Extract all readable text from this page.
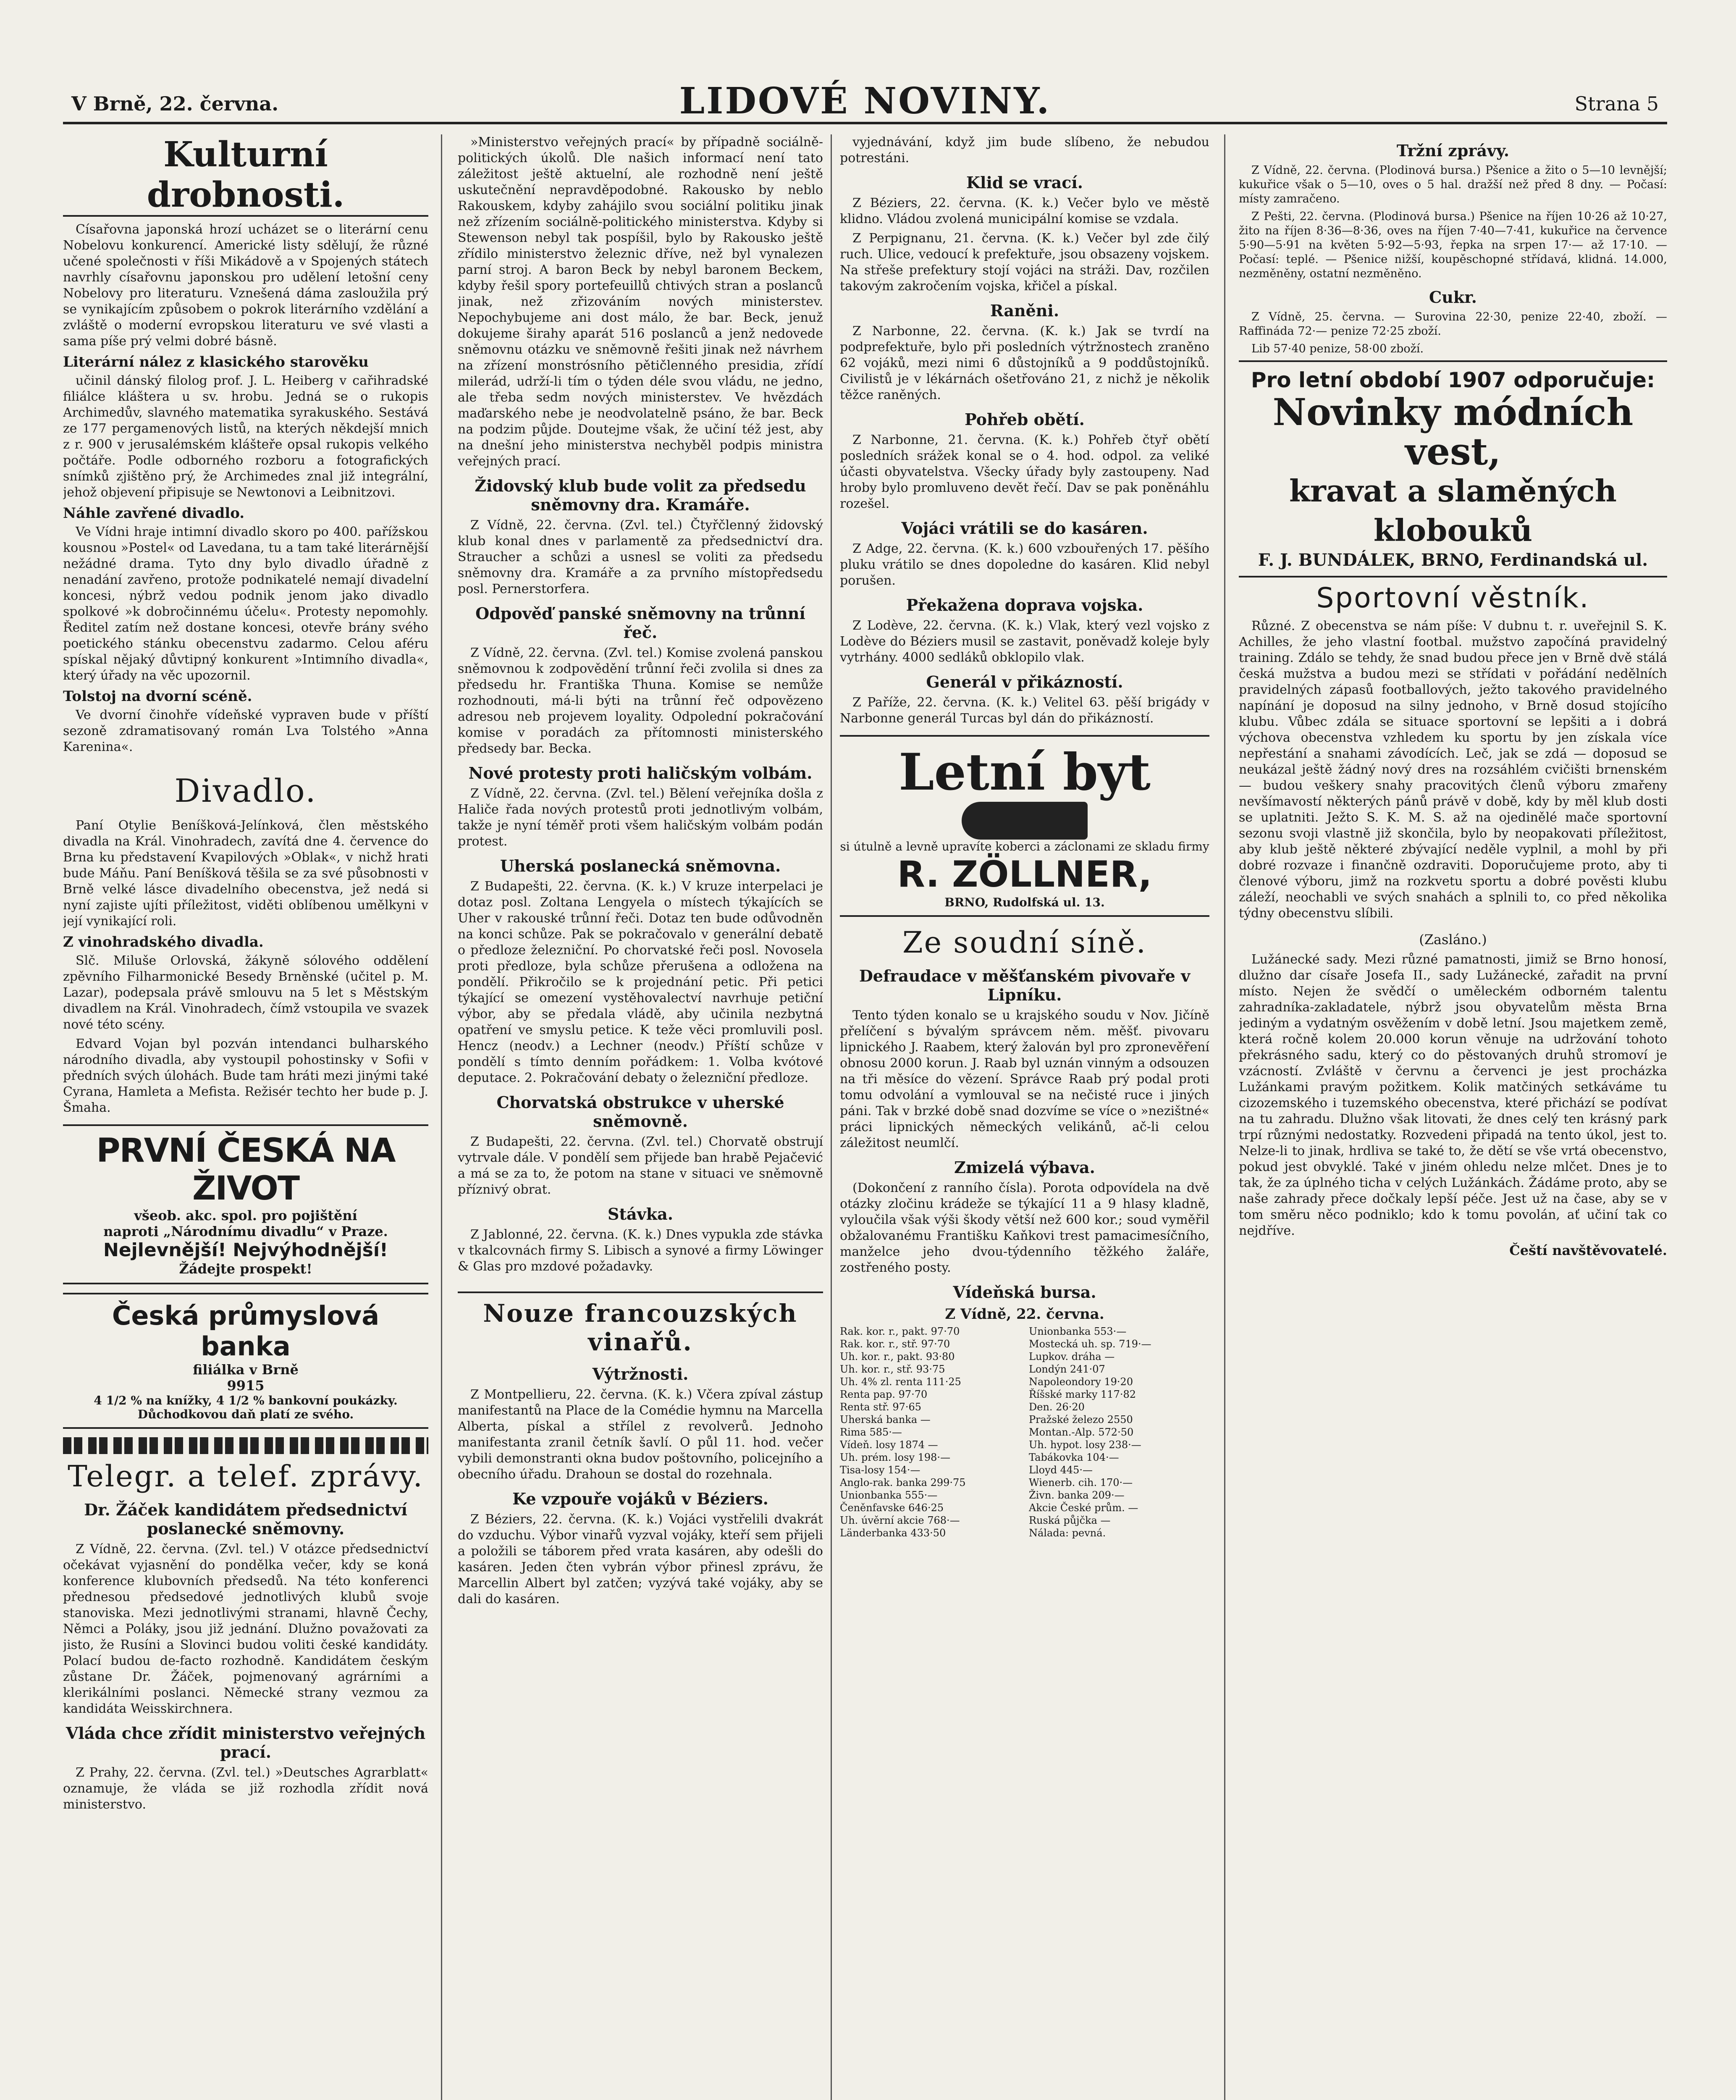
V Brně, 22. června.	LIDOVÉ NOVINY.	Strana 5
Kulturní drobnosti.

Císařovna japonská hrozí ucházet se o literární cenu Nobelovu konkurencí. Americké listy sdělují, že různé učené společnosti v říši Mikádově a v Spojených státech navrhly císařovnu japonskou pro udělení letošní ceny Nobelovy pro literaturu. Vznešená dáma zasloužila prý se vynikajícím způsobem o pokrok literárního vzdělání a zvláště o moderní evropskou literaturu ve své vlasti a sama píše prý velmi dobré básně.

Literární nález z klasického starověku

učinil dánský filolog prof. J. L. Heiberg v cařihradské filiálce kláštera u sv. hrobu. Jedná se o rukopis Archimedův, slavného matematika syrakuského. Sestává ze 177 pergamenových listů, na kterých někdejší mnich z r. 900 v jerusalémském klášteře opsal rukopis velkého počtáře. Podle odborného rozboru a fotografických snímků zjištěno prý, že Archimedes znal již integrální, jehož objevení připisuje se Newtonovi a Leibnitzovi.

Náhle zavřené divadlo.

Ve Vídni hraje intimní divadlo skoro po 400. pařížskou kousnou »Postel« od Lavedana, tu a tam také literárnější nežádné drama. Tyto dny bylo divadlo úřadně z nenadání zavřeno, protože podnikatelé nemají divadelní koncesi, nýbrž vedou podnik jenom jako divadlo spolkové »k dobročinnému účelu«. Protesty nepomohly. Ředitel zatím než dostane koncesi, otevře brány svého poetického stánku obecenstvu zadarmo. Celou aféru spískal nějaký důvtipný konkurent »Intimního divadla«, který úřady na věc upozornil.

Tolstoj na dvorní scéně.

Ve dvorní činohře vídeňské vypraven bude v příští sezoně zdramatisovaný román Lva Tolstého »Anna Karenina«.

Divadlo.

Paní Otylie Beníšková-Jelínková, člen městského divadla na Král. Vinohradech, zavítá dne 4. července do Brna ku představení Kvapilových »Oblak«, v nichž hrati bude Máňu. Paní Beníšková těšila se za své působnosti v Brně velké lásce divadelního obecenstva, jež nedá si nyní zajiste ujíti příležitost, viděti oblíbenou umělkyni v její vynikající roli.

Z vinohradského divadla.

Slč. Miluše Orlovská, žákyně sólového oddělení zpěvního Filharmonické Besedy Brněnské (učitel p. M. Lazar), podepsala právě smlouvu na 5 let s Městským divadlem na Král. Vinohradech, čímž vstoupila ve svazek nové této scény.

Edvard Vojan byl pozván intendanci bulharského národního divadla, aby vystoupil pohostinsky v Sofii v předních svých úlohách. Bude tam hráti mezi jinými také Cyrana, Hamleta a Mefista. Režisér techto her bude p. J. Šmaha.

PRVNÍ ČESKÁ NA ŽIVOT
všeob. akc. spol. pro pojištění
naproti „Národnímu divadlu“ v Praze.
Nejlevnější! Nejvýhodnější!
Žádejte prospekt!
Česká průmyslová banka
filiálka v Brně
9915
4 1/2 % na knížky, 4 1/2 % bankovní poukázky. Důchodkovou daň platí ze svého.
Telegr. a telef. zprávy.
Dr. Žáček kandidátem předsednictví poslanecké sněmovny.

Z Vídně, 22. června. (Zvl. tel.) V otázce předsednictví očekávat vyjasnění do pondělka večer, kdy se koná konference klubovních předsedů. Na této konferenci přednesou předsedové jednotlivých klubů svoje stanoviska. Mezi jednotlivými stranami, hlavně Čechy, Němci a Poláky, jsou již jednání. Dlužno považovati za jisto, že Rusíni a Slovinci budou voliti české kandidáty. Polací budou de-facto rozhodně. Kandidátem českým zůstane Dr. Žáček, pojmenovaný agrárními a klerikálními poslanci. Německé strany vezmou za kandidáta Weisskirchnera.

Vláda chce zřídit ministerstvo veřejných prací.

Z Prahy, 22. června. (Zvl. tel.) »Deutsches Agrarblatt« oznamuje, že vláda se již rozhodla zřídit nová ministerstvo.

»Ministerstvo veřejných prací« by případně sociálně-politických úkolů. Dle našich informací není tato záležitost ještě aktuelní, ale rozhodně není ještě uskutečnění nepravděpodobné. Rakousko by neblo Rakouskem, kdyby zahájilo svou sociální politiku jinak než zřízením sociálně-politického ministerstva. Kdyby si Stewenson nebyl tak pospíšil, bylo by Rakousko ještě zřídilo ministerstvo železnic dříve, než byl vynalezen parní stroj. A baron Beck by nebyl baronem Beckem, kdyby řešil spory portefeuillů chtivých stran a poslanců jinak, než zřizováním nových ministerstev. Nepochybujeme ani dost málo, že bar. Beck, jenuž dokujeme širahy aparát 516 poslanců a jenž nedovede sněmovnu otázku ve sněmovně řešiti jinak než návrhem na zřízení monstrósního pětičlenného presidia, zřídí milerád, udrží-li tím o týden déle svou vládu, ne jedno, ale třeba sedm nových ministerstev. Ve hvězdách maďarského nebe je neodvolatelně psáno, že bar. Beck na podzim půjde. Doutejme však, že učiní též jest, aby na dnešní jeho ministerstva nechyběl podpis ministra veřejných prací.

Židovský klub bude volit za předsedu sněmovny dra. Kramáře.

Z Vídně, 22. června. (Zvl. tel.) Čtyřčlenný židovský klub konal dnes v parlamentě za předsednictví dra. Straucher a schůzi a usnesl se voliti za předsedu sněmovny dra. Kramáře a za prvního místopředsedu posl. Pernerstorfera.

Odpověď panské sněmovny na trůnní řeč.

Z Vídně, 22. června. (Zvl. tel.) Komise zvolená panskou sněmovnou k zodpovědění trůnní řeči zvolila si dnes za předsedu hr. Františka Thuna. Komise se nemůže rozhodnouti, má-li býti na trůnní řeč odpovězeno adresou neb projevem loyality. Odpolední pokračování komise v poradách za přítomnosti ministerského předsedy bar. Becka.

Nové protesty proti haličským volbám.

Z Vídně, 22. června. (Zvl. tel.) Bělení veřejníka došla z Haliče řada nových protestů proti jednotlivým volbám, takže je nyní téměř proti všem haličským volbám podán protest.

Uherská poslanecká sněmovna.

Z Budapešti, 22. června. (K. k.) V kruze interpelaci je dotaz posl. Zoltana Lengyela o místech týkajících se Uher v rakouské trůnní řeči. Dotaz ten bude odůvodněn na konci schůze. Pak se pokračovalo v generální debatě o předloze železniční. Po chorvatské řeči posl. Novosela proti předloze, byla schůze přerušena a odložena na pondělí. Přikročilo se k projednání petic. Při petici týkající se omezení vystěhovalectví navrhuje petiční výbor, aby se předala vládě, aby učinila nezbytná opatření ve smyslu petice. K teže věci promluvili posl. Hencz (neodv.) a Lechner (neodv.) Příští schůze v pondělí s tímto denním pořádkem: 1. Volba kvótové deputace. 2. Pokračování debaty o železniční předloze.

Chorvatská obstrukce v uherské sněmovně.

Z Budapešti, 22. června. (Zvl. tel.) Chorvatě obstrují vytrvale dále. V pondělí sem přijede ban hrabě Pejačević a má se za to, že potom na stane v situaci ve sněmovně příznivý obrat.

Stávka.

Z Jablonné, 22. června. (K. k.) Dnes vypukla zde stávka v tkalcovnách firmy S. Libisch a synové a firmy Löwinger & Glas pro mzdové požadavky.

Nouze francouzských vinařů.
Výtržnosti.

Z Montpellieru, 22. června. (K. k.) Včera zpíval zástup manifestantů na Place de la Comédie hymnu na Marcella Alberta, pískal a střílel z revolverů. Jednoho manifestanta zranil četník šavlí. O půl 11. hod. večer vybili demonstranti okna budov poštovního, policejního a obecního úřadu. Drahoun se dostal do rozehnala.

Ke vzpouře vojáků v Béziers.

Z Béziers, 22. června. (K. k.) Vojáci vystřelili dvakrát do vzduchu. Výbor vinařů vyzval vojáky, kteří sem přijeli a položili se táborem před vrata kasáren, aby odešli do kasáren. Jeden čten vybrán výbor přinesl zprávu, že Marcellin Albert byl zatčen; vyzývá také vojáky, aby se dali do kasáren.

vyjednávání, když jim bude slíbeno, že nebudou potrestáni.

Klid se vrací.

Z Béziers, 22. června. (K. k.) Večer bylo ve městě klidno. Vládou zvolená municipální komise se vzdala.

Z Perpignanu, 21. června. (K. k.) Večer byl zde čilý ruch. Ulice, vedoucí k prefektuře, jsou obsazeny vojskem. Na střeše prefektury stojí vojáci na stráži. Dav, rozčilen takovým zakročením vojska, křičel a pískal.

Raněni.

Z Narbonne, 22. června. (K. k.) Jak se tvrdí na podprefektuře, bylo při posledních výtržnostech zraněno 62 vojáků, mezi nimi 6 důstojníků a 9 poddůstojníků. Civilistů je v lékárnách ošetřováno 21, z nichž je několik těžce raněných.

Pohřeb obětí.

Z Narbonne, 21. června. (K. k.) Pohřeb čtyř obětí posledních srážek konal se o 4. hod. odpol. za veliké účasti obyvatelstva. Všecky úřady byly zastoupeny. Nad hroby bylo promluveno devět řečí. Dav se pak poněnáhlu rozešel.

Vojáci vrátili se do kasáren.

Z Adge, 22. června. (K. k.) 600 vzbouřených 17. pěšího pluku vrátilo se dnes dopoledne do kasáren. Klid nebyl porušen.

Překažena doprava vojska.

Z Lodève, 22. června. (K. k.) Vlak, který vezl vojsko z Lodève do Béziers musil se zastavit, poněvadž koleje byly vytrhány. 4000 sedláků obklopilo vlak.

Generál v přikázností.

Z Paříže, 22. června. (K. k.) Velitel 63. pěší brigády v Narbonne generál Turcas byl dán do přikázností.

Letní byt
si útulně a levně upravíte koberci a záclonami ze skladu firmy
R. ZÖLLNER, BRNO, Rudolfská ul. 13.
Ze soudní síně.
Defraudace v měšťanském pivovaře v Lipníku.

Tento týden konalo se u krajského soudu v Nov. Jičíně přelíčení s bývalým správcem něm. měšť. pivovaru lipnického J. Raabem, který žalován byl pro zpronevěření obnosu 2000 korun. J. Raab byl uznán vinným a odsouzen na tři měsíce do vězení. Správce Raab prý podal proti tomu odvolání a vymlouval se na nečisté ruce i jiných páni. Tak v brzké době snad dozvíme se více o »nezištné« práci lipnických německých velikánů, ač-li celou záležitost neumlčí.

Zmizelá výbava.

(Dokončení z ranního čísla). Porota odpovídela na dvě otázky zločinu krádeže se týkající 11 a 9 hlasy kladně, vyloučila však výši škody větší než 600 kor.; soud vyměřil obžalovanému Františku Kaňkovi trest pamacimesíčního, manželce jeho dvou-týdenního těžkého žaláře, zostřeného posty.

Vídeňská bursa.
Z Vídně, 22. června.
Rak. kor. r., pakt. 97·70
Rak. kor. r., stř. 97·70
Uh. kor. r., pakt. 93·80
Uh. kor. r., stř. 93·75
Uh. 4% zl. renta 111·25
Renta pap. 97·70
Renta stř. 97·65
Uherská banka —
Rima 585·—
Vídeň. losy 1874 —
Uh. prém. losy 198·—
Tisa-losy 154·—
Anglo-rak. banka 299·75
Unionbanka 555·—
Čeněnfavske 646·25
Uh. úvěrní akcie 768·—
Länderbanka 433·50
Unionbanka 553·—
Mostecká uh. sp. 719·—
Lupkov. dráha —
Londýn 241·07
Napoleondory 19·20
Říšské marky 117·82
Den. 26·20
Pražské železo 2550
Montan.-Alp. 572·50
Uh. hypot. losy 238·—
Tabákovka 104·—
Lloyd 445·—
Wienerb. cih. 170·—
Živn. banka 209·—
Akcie České prům. —
Ruská půjčka —
Nálada: pevná.
Tržní zprávy.

Z Vídně, 22. června. (Plodinová bursa.) Pšenice a žito o 5—10 levnější; kukuřice však o 5—10, oves o 5 hal. dražší než před 8 dny. — Počasí: místy zamračeno.

Z Pešti, 22. června. (Plodinová bursa.) Pšenice na říjen 10·26 až 10·27, žito na říjen 8·36—8·36, oves na říjen 7·40—7·41, kukuřice na července 5·90—5·91 na květen 5·92—5·93, řepka na srpen 17·— až 17·10. — Počasí: teplé. — Pšenice nižší, koupěschopné střídavá, klidná. 14.000, nezměněny, ostatní nezměněno.

Cukr.

Z Vídně, 25. června. — Surovina 22·30, penize 22·40, zboží. — Raffináda 72·— penize 72·25 zboží.

Lib 57·40 penize, 58·00 zboží.

Pro letní období 1907 odporučuje:
Novinky módních vest,
kravat a slaměných klobouků
F. J. BUNDÁLEK, BRNO, Ferdinandská ul.
Sportovní věstník.

Různé. Z obecenstva se nám píše: V dubnu t. r. uveřejnil S. K. Achilles, že jeho vlastní footbal. mužstvo započíná pravidelný training. Zdálo se tehdy, že snad budou přece jen v Brně dvě stálá česká mužstva a budou mezi se střídati v pořádání nedělních pravidelných zápasů footballových, ježto takového pravidelného napínání je doposud na silny jednoho, v Brně dosud stojícího klubu. Vůbec zdála se situace sportovní se lepšiti a i dobrá výchova obecenstva vzhledem ku sportu by jen získala více nepřestání a snahami závodících. Leč, jak se zdá — doposud se neukázal ještě žádný nový dres na rozsáhlém cvičišti brnenském — budou veškery snahy pracovitých členů výboru zmařeny nevšímavostí některých pánů právě v době, kdy by měl klub dosti se uplatniti. Ježto S. K. M. S. až na ojedinělé mače sportovní sezonu svoji vlastně již skončila, bylo by neopakovati příležitost, aby klub ještě některé zbývající neděle vyplnil, a mohl by při dobré rozvaze i finančně ozdraviti. Doporučujeme proto, aby ti členové výboru, jimž na rozkvetu sportu a dobré pověsti klubu záleží, neochabli ve svých snahách a splnili to, co před několika týdny obecenstvu slíbili.

(Zasláno.)

Lužánecké sady. Mezi různé pamatnosti, jimiž se Brno honosí, dlužno dar císaře Josefa II., sady Lužánecké, zařadit na první místo. Nejen že svědčí o uměleckém odborném talentu zahradníka-zakladatele, nýbrž jsou obyvatelům města Brna jediným a vydatným osvěžením v době letní. Jsou majetkem země, která ročně kolem 20.000 korun věnuje na udržování tohoto překrásného sadu, který co do pěstovaných druhů stromoví je vzácností. Zvláště v červnu a červenci je jest procházka Lužánkami pravým požitkem. Kolik matčiných setkáváme tu cizozemského i tuzemského obecenstva, které přichází se podívat na tu zahradu. Dlužno však litovati, že dnes celý ten krásný park trpí různými nedostatky. Rozvedeni připadá na tento úkol, jest to. Nelze-li to jinak, hrdliva se také to, že dětí se vše vrtá obecenstvo, pokud jest obvyklé. Také v jiném ohledu nelze mlčet. Dnes je to tak, že za úplného ticha v celých Lužánkách. Žádáme proto, aby se naše zahrady přece dočkaly lepší péče. Jest už na čase, aby se v tom směru něco podniklo; kdo k tomu povolán, ať učiní tak co nejdříve.

Čeští navštěvovatelé.
